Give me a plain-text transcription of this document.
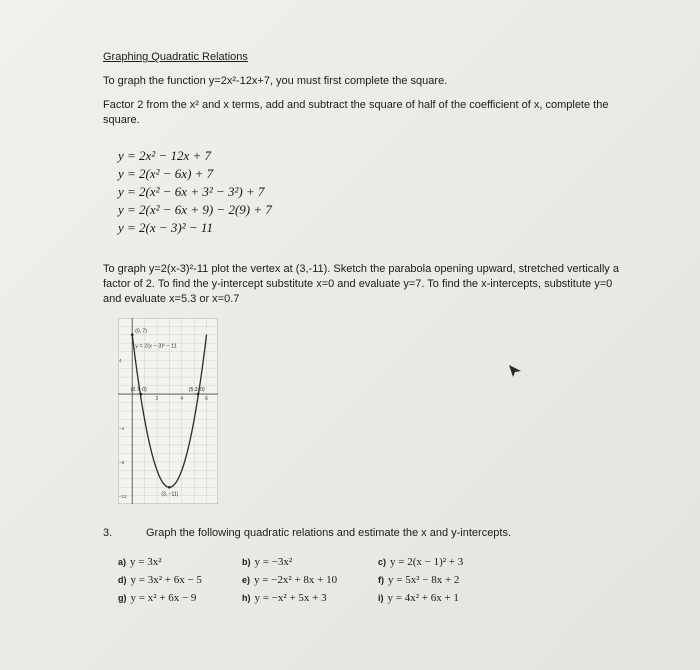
Graphing Quadratic Relations
To graph the function y=2x²-12x+7, you must first complete the square.
Factor 2 from the x² and x terms, add and subtract the square of half of the coefficient of x, complete the square.
y = 2x² − 12x + 7
y = 2(x² − 6x) + 7
y = 2(x² − 6x + 3² − 3²) + 7
y = 2(x² − 6x + 9) − 2(9) + 7
y = 2(x − 3)² − 11
To graph y=2(x-3)²-11 plot the vertex at (3,-11). Sketch the parabola opening upward, stretched vertically a factor of 2. To find the y-intercept substitute x=0 and evaluate y=7. To find the x-intercepts, substitute y=0 and evaluate x=5.3 or x=0.7
2	4	6
4
−4
−8
−12
(0, 7)
(0.7, 0)	(5.3, 0)
(3, −11)
y = 2(x − 3)² − 11
3.	Graph the following quadratic relations and estimate the x and y-intercepts.
a) y = 3x²	b) y = −3x²	c) y = 2(x − 1)² + 3
d) y = 3x² + 6x − 5	e) y = −2x² + 8x + 10	f) y = 5x² − 8x + 2
g) y = x² + 6x − 9	h) y = −x² + 5x + 3	i) y = 4x² + 6x + 1
